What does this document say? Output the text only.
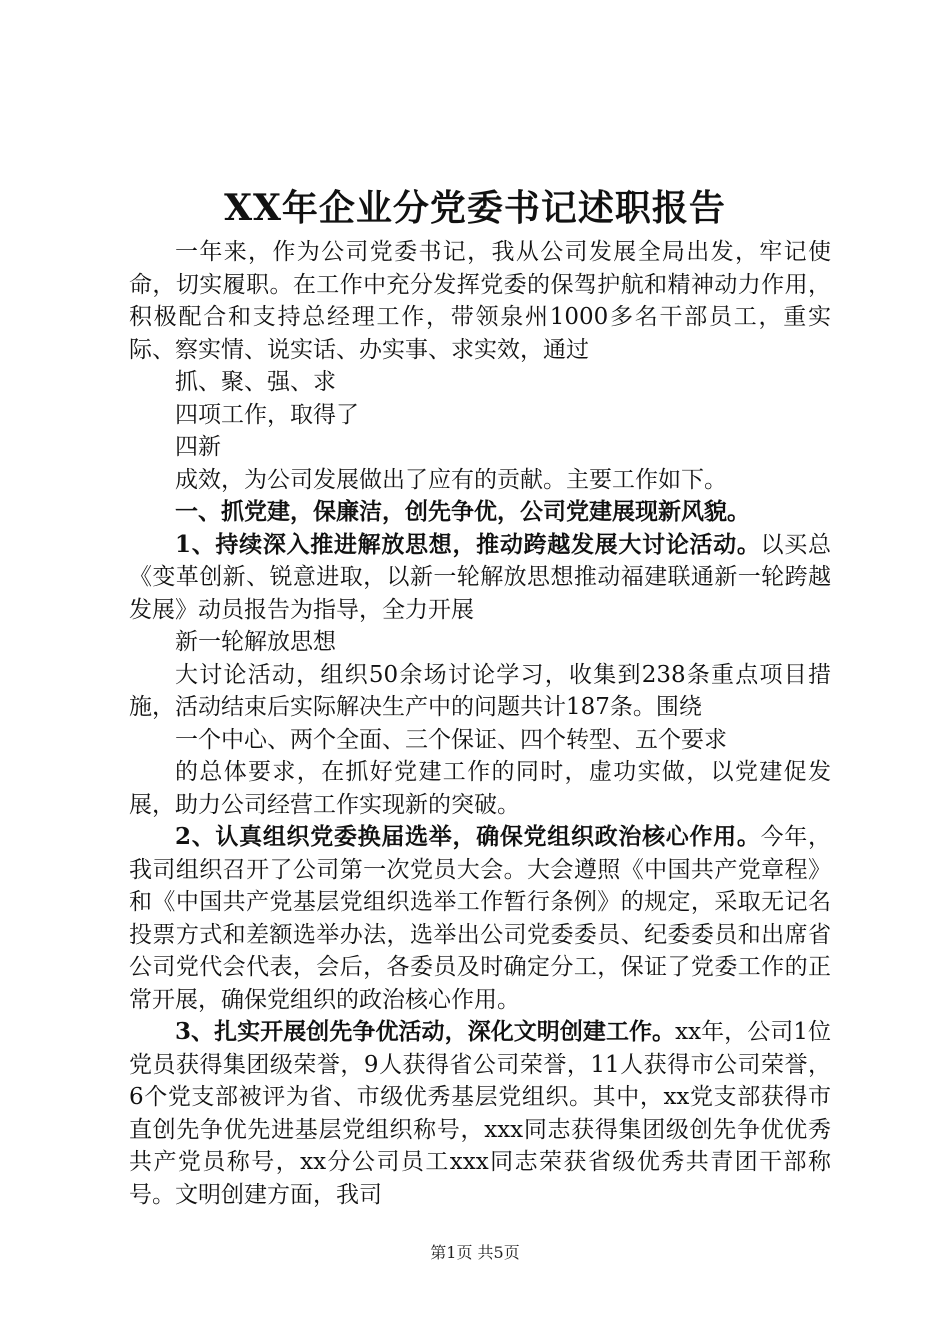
XX年企业分党委书记述职报告

一年来，作为公司党委书记，我从公司发展全局出发，牢记使命，切实履职。在工作中充分发挥党委的保驾护航和精神动力作用，积极配合和支持总经理工作，带领泉州1000多名干部员工，重实际、察实情、说实话、办实事、求实效，通过

抓、聚、强、求
四项工作，取得了
四新
成效，为公司发展做出了应有的贡献。主要工作如下。
一、抓党建，保廉洁，创先争优，公司党建展现新风貌。

1、持续深入推进解放思想，推动跨越发展大讨论活动。以买总《变革创新、锐意进取，以新一轮解放思想推动福建联通新一轮跨越发展》动员报告为指导，全力开展

新一轮解放思想

大讨论活动，组织50余场讨论学习，收集到238条重点项目措施，活动结束后实际解决生产中的问题共计187条。围绕

一个中心、两个全面、三个保证、四个转型、五个要求

的总体要求，在抓好党建工作的同时，虚功实做，以党建促发展，助力公司经营工作实现新的突破。

2、认真组织党委换届选举，确保党组织政治核心作用。今年，我司组织召开了公司第一次党员大会。大会遵照《中国共产党章程》和《中国共产党基层党组织选举工作暂行条例》的规定，采取无记名投票方式和差额选举办法，选举出公司党委委员、纪委委员和出席省公司党代会代表，会后，各委员及时确定分工，保证了党委工作的正常开展，确保党组织的政治核心作用。

3、扎实开展创先争优活动，深化文明创建工作。xx年，公司1位党员获得集团级荣誉，9人获得省公司荣誉，11人获得市公司荣誉，6个党支部被评为省、市级优秀基层党组织。其中，xx党支部获得市直创先争优先进基层党组织称号，xxx同志获得集团级创先争优优秀共产党员称号，xx分公司员工xxx同志荣获省级优秀共青团干部称号。文明创建方面，我司

第1页 共5页
